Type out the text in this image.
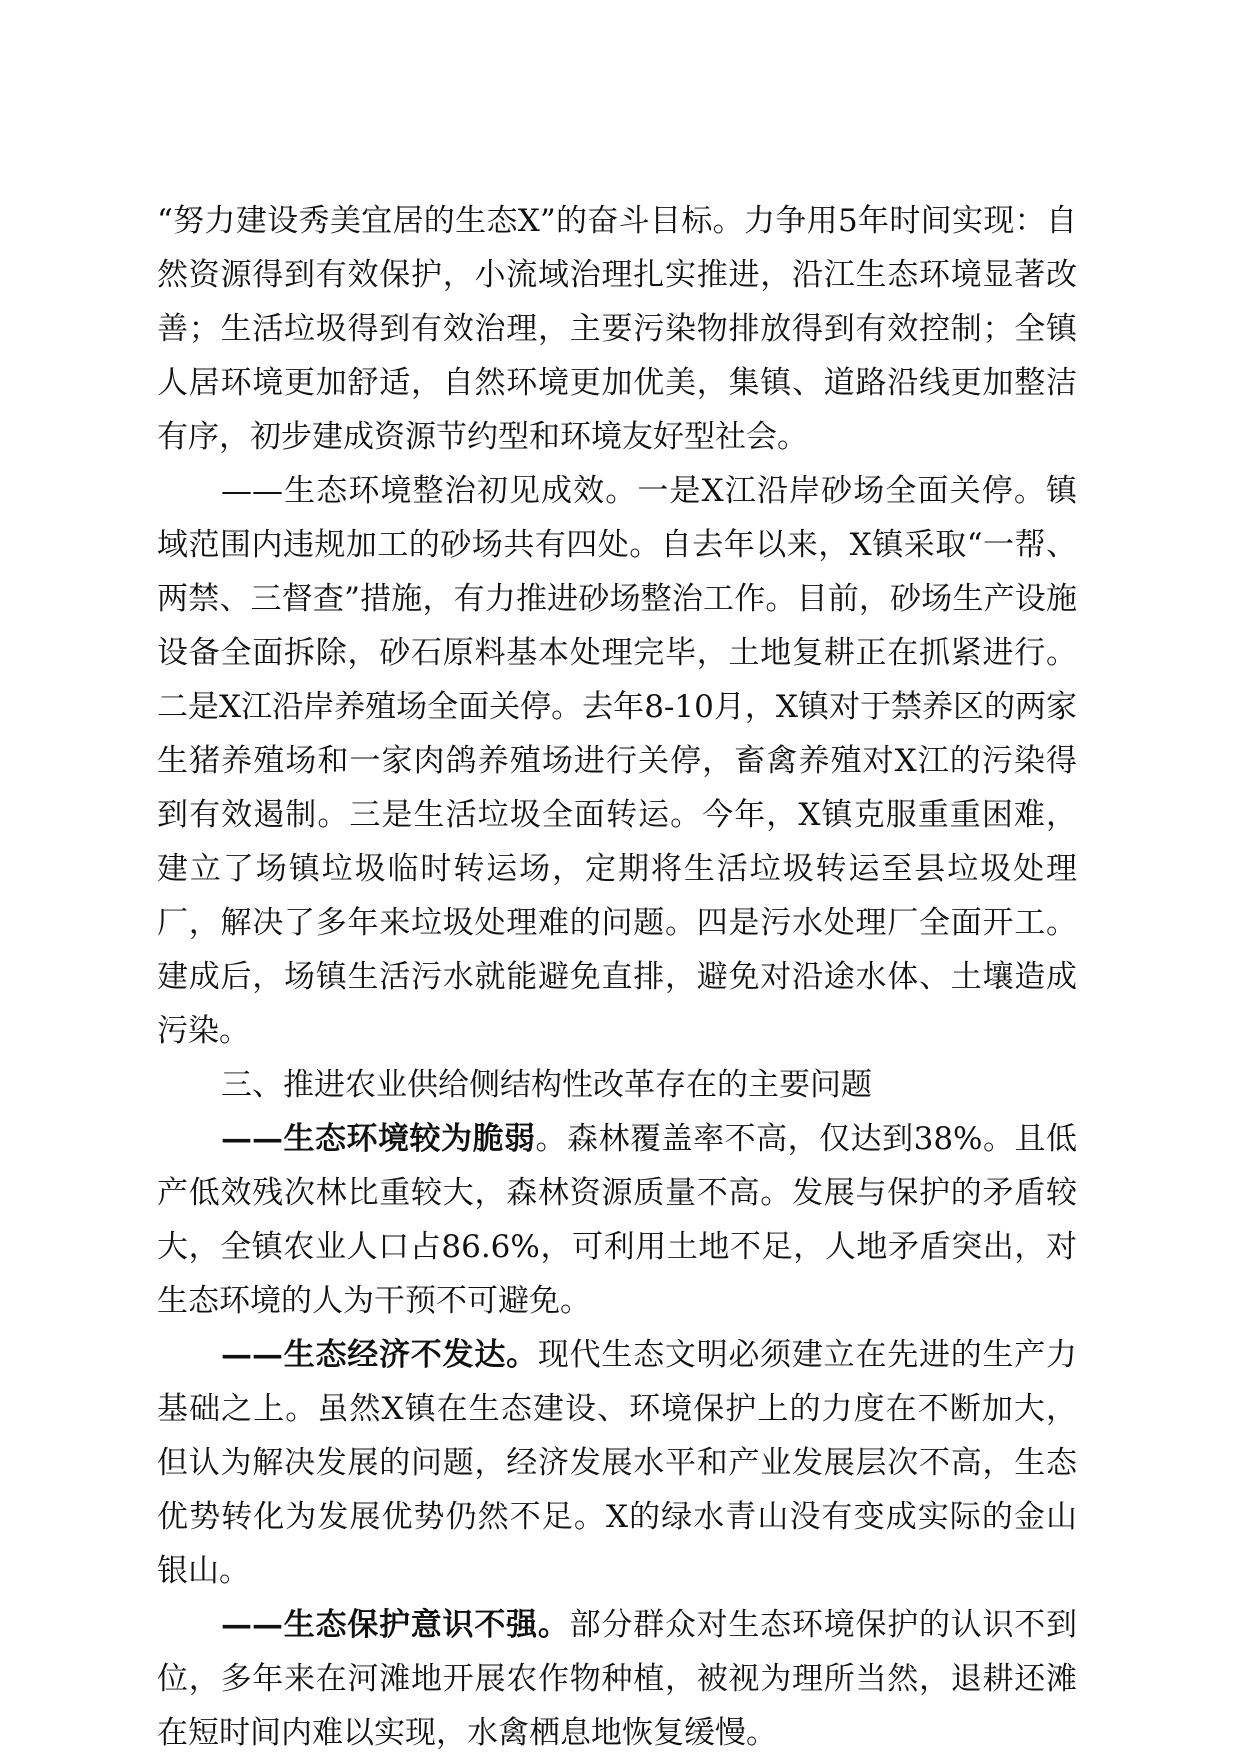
“努力建设秀美宜居的生态X”的奋斗目标。力争用5年时间实现：自然资源得到有效保护，小流域治理扎实推进，沿江生态环境显著改善；生活垃圾得到有效治理，主要污染物排放得到有效控制；全镇人居环境更加舒适，自然环境更加优美，集镇、道路沿线更加整洁有序，初步建成资源节约型和环境友好型社会。

——生态环境整治初见成效。一是X江沿岸砂场全面关停。镇域范围内违规加工的砂场共有四处。自去年以来，X镇采取“一帮、两禁、三督查”措施，有力推进砂场整治工作。目前，砂场生产设施设备全面拆除，砂石原料基本处理完毕，土地复耕正在抓紧进行。二是X江沿岸养殖场全面关停。去年8-10月，X镇对于禁养区的两家生猪养殖场和一家肉鸽养殖场进行关停，畜禽养殖对X江的污染得到有效遏制。三是生活垃圾全面转运。今年，X镇克服重重困难，建立了场镇垃圾临时转运场，定期将生活垃圾转运至县垃圾处理厂，解决了多年来垃圾处理难的问题。四是污水处理厂全面开工。建成后，场镇生活污水就能避免直排，避免对沿途水体、土壤造成污染。

三、推进农业供给侧结构性改革存在的主要问题

——生态环境较为脆弱。森林覆盖率不高，仅达到38%。且低产低效残次林比重较大，森林资源质量不高。发展与保护的矛盾较大，全镇农业人口占86.6%，可利用土地不足，人地矛盾突出，对生态环境的人为干预不可避免。

——生态经济不发达。现代生态文明必须建立在先进的生产力基础之上。虽然X镇在生态建设、环境保护上的力度在不断加大，但认为解决发展的问题，经济发展水平和产业发展层次不高，生态优势转化为发展优势仍然不足。X的绿水青山没有变成实际的金山银山。

——生态保护意识不强。部分群众对生态环境保护的认识不到位，多年来在河滩地开展农作物种植，被视为理所当然，退耕还滩在短时间内难以实现，水禽栖息地恢复缓慢。
